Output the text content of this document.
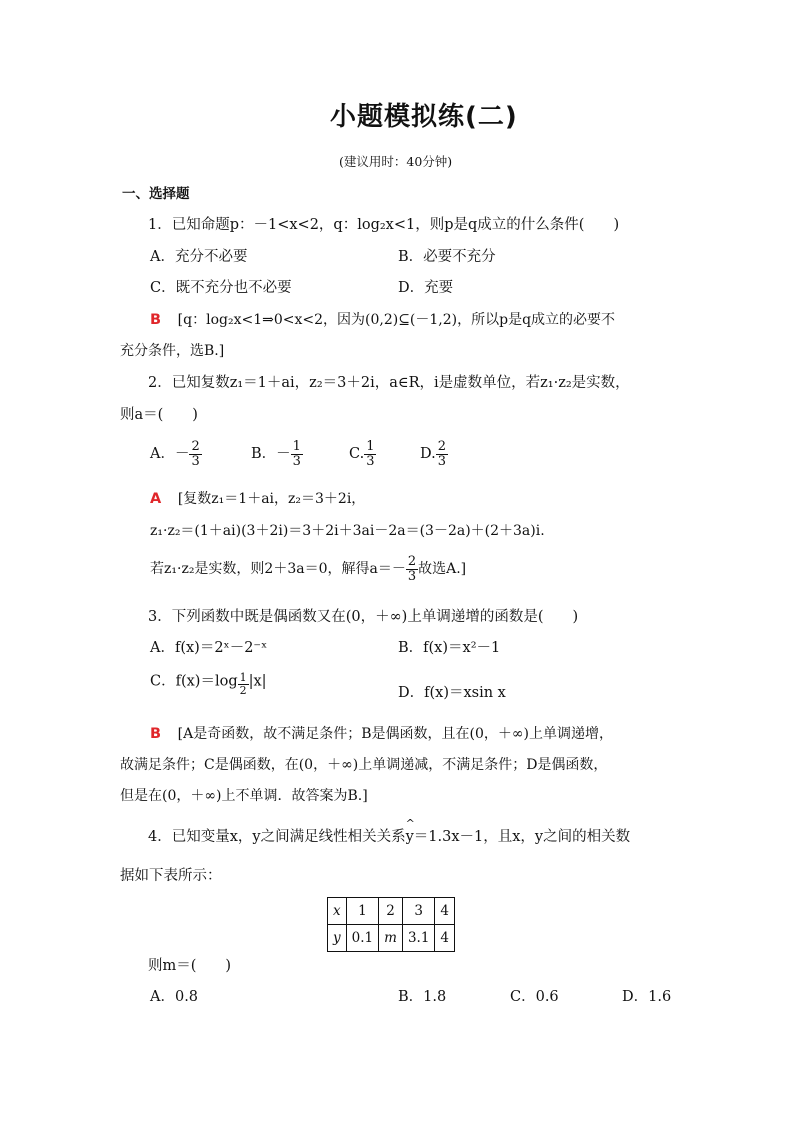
小题模拟练(二)
(建议用时：40分钟)
一、选择题
1．已知命题p：－1<x<2，q：log₂x<1，则p是q成立的什么条件(　　)
A．充分不必要	B．必要不充分
C．既不充分也不必要	D．充要
B [q：log₂x<1⇒0<x<2，因为(0,2)⊆(－1,2)，所以p是q成立的必要不
充分条件，选B.]
2．已知复数z₁＝1＋ai，z₂＝3＋2i，a∈R，i是虚数单位，若z₁·z₂是实数，
则a＝(　　)
A．－ $\frac{2}{3}$	B．－ $\frac{1}{3}$	C. $\frac{1}{3}$	D. $\frac{2}{3}$
A [复数z₁＝1＋ai，z₂＝3＋2i，
z₁·z₂＝(1＋ai)(3＋2i)＝3＋2i＋3ai－2a＝(3－2a)＋(2＋3a)i.
若z₁·z₂是实数，则2＋3a＝0，解得$a=- \frac{2}{3}$ 故选A.]
3．下列函数中既是偶函数又在(0，＋∞)上单调递增的函数是(　　)
A．f(x)＝2ˣ－2⁻ˣ	B．f(x)＝x²－1
C．$f(x)=\log \frac{1}{2} |x|$
D．f(x)＝xsin x
B [A是奇函数，故不满足条件；B是偶函数，且在(0，＋∞)上单调递增，
故满足条件；C是偶函数，在(0，＋∞)上单调递减，不满足条件；D是偶函数，
但是在(0，＋∞)上不单调．故答案为B.]
4．已知变量x，y之间满足线性相关关系
^
y＝1.3x－1，且x，y之间的相关数
据如下表所示：
x	1	2	3	4
y	0.1	m	3.1	4
则m＝(　　)
A．0.8	B．1.8	C．0.6	D．1.6
